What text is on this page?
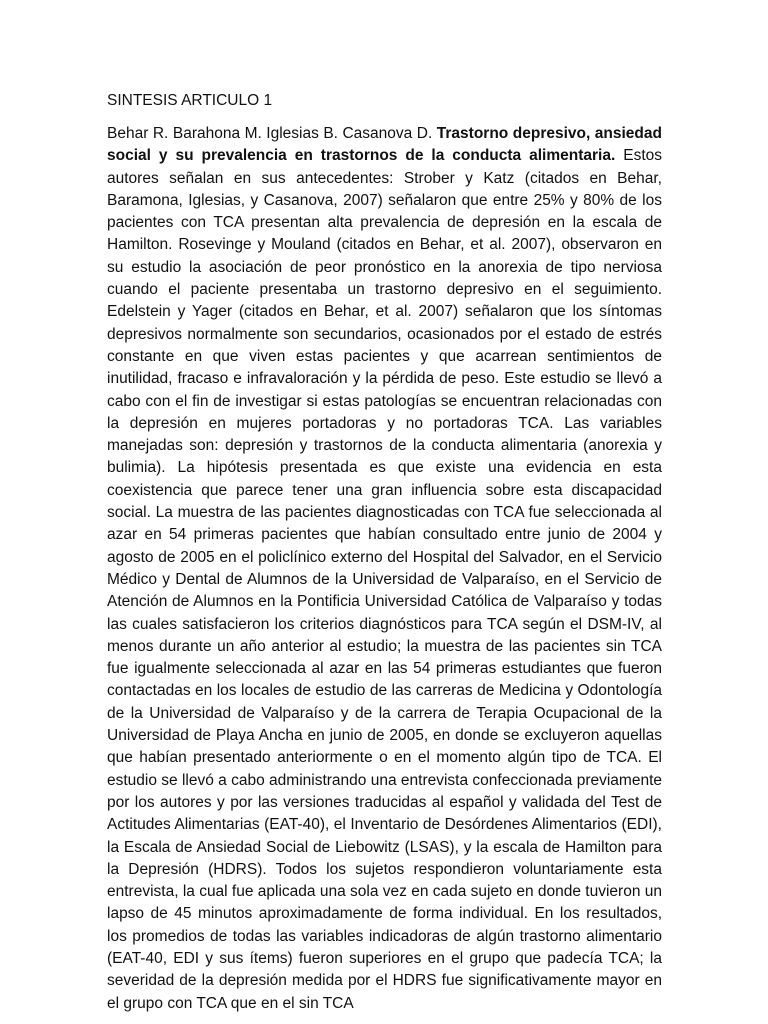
SINTESIS ARTICULO 1

Behar R. Barahona M. Iglesias B. Casanova D. Trastorno depresivo, ansiedad social y su prevalencia en trastornos de la conducta alimentaria. Estos autores señalan en sus antecedentes: Strober y Katz (citados en Behar, Baramona, Iglesias, y Casanova, 2007) señalaron que entre 25% y 80% de los pacientes con TCA presentan alta prevalencia de depresión en la escala de Hamilton. Rosevinge y Mouland (citados en Behar, et al. 2007), observaron en su estudio la asociación de peor pronóstico en la anorexia de tipo nerviosa cuando el paciente presentaba un trastorno depresivo en el seguimiento. Edelstein y Yager (citados en Behar, et al. 2007) señalaron que los síntomas depresivos normalmente son secundarios, ocasionados por el estado de estrés constante en que viven estas pacientes y que acarrean sentimientos de inutilidad, fracaso e infravaloración y la pérdida de peso. Este estudio se llevó a cabo con el fin de investigar si estas patologías se encuentran relacionadas con la depresión en mujeres portadoras y no portadoras TCA. Las variables manejadas son: depresión y trastornos de la conducta alimentaria (anorexia y bulimia). La hipótesis presentada es que existe una evidencia en esta coexistencia que parece tener una gran influencia sobre esta discapacidad social. La muestra de las pacientes diagnosticadas con TCA fue seleccionada al azar en 54 primeras pacientes que habían consultado entre junio de 2004 y agosto de 2005 en el policlínico externo del Hospital del Salvador, en el Servicio Médico y Dental de Alumnos de la Universidad de Valparaíso, en el Servicio de Atención de Alumnos en la Pontificia Universidad Católica de Valparaíso y todas las cuales satisfacieron los criterios diagnósticos para TCA según el DSM-IV, al menos durante un año anterior al estudio; la muestra de las pacientes sin TCA fue igualmente seleccionada al azar en las 54 primeras estudiantes que fueron contactadas en los locales de estudio de las carreras de Medicina y Odontología de la Universidad de Valparaíso y de la carrera de Terapia Ocupacional de la Universidad de Playa Ancha en junio de 2005, en donde se excluyeron aquellas que habían presentado anteriormente o en el momento algún tipo de TCA. El estudio se llevó a cabo administrando una entrevista confeccionada previamente por los autores y por las versiones traducidas al español y validada del Test de Actitudes Alimentarias (EAT-40), el Inventario de Desórdenes Alimentarios (EDI), la Escala de Ansiedad Social de Liebowitz (LSAS), y la escala de Hamilton para la Depresión (HDRS). Todos los sujetos respondieron voluntariamente esta entrevista, la cual fue aplicada una sola vez en cada sujeto en donde tuvieron un lapso de 45 minutos aproximadamente de forma individual. En los resultados, los promedios de todas las variables indicadoras de algún trastorno alimentario (EAT-40, EDI y sus ítems) fueron superiores en el grupo que padecía TCA; la severidad de la depresión medida por el HDRS fue significativamente mayor en el grupo con TCA que en el sin TCA
